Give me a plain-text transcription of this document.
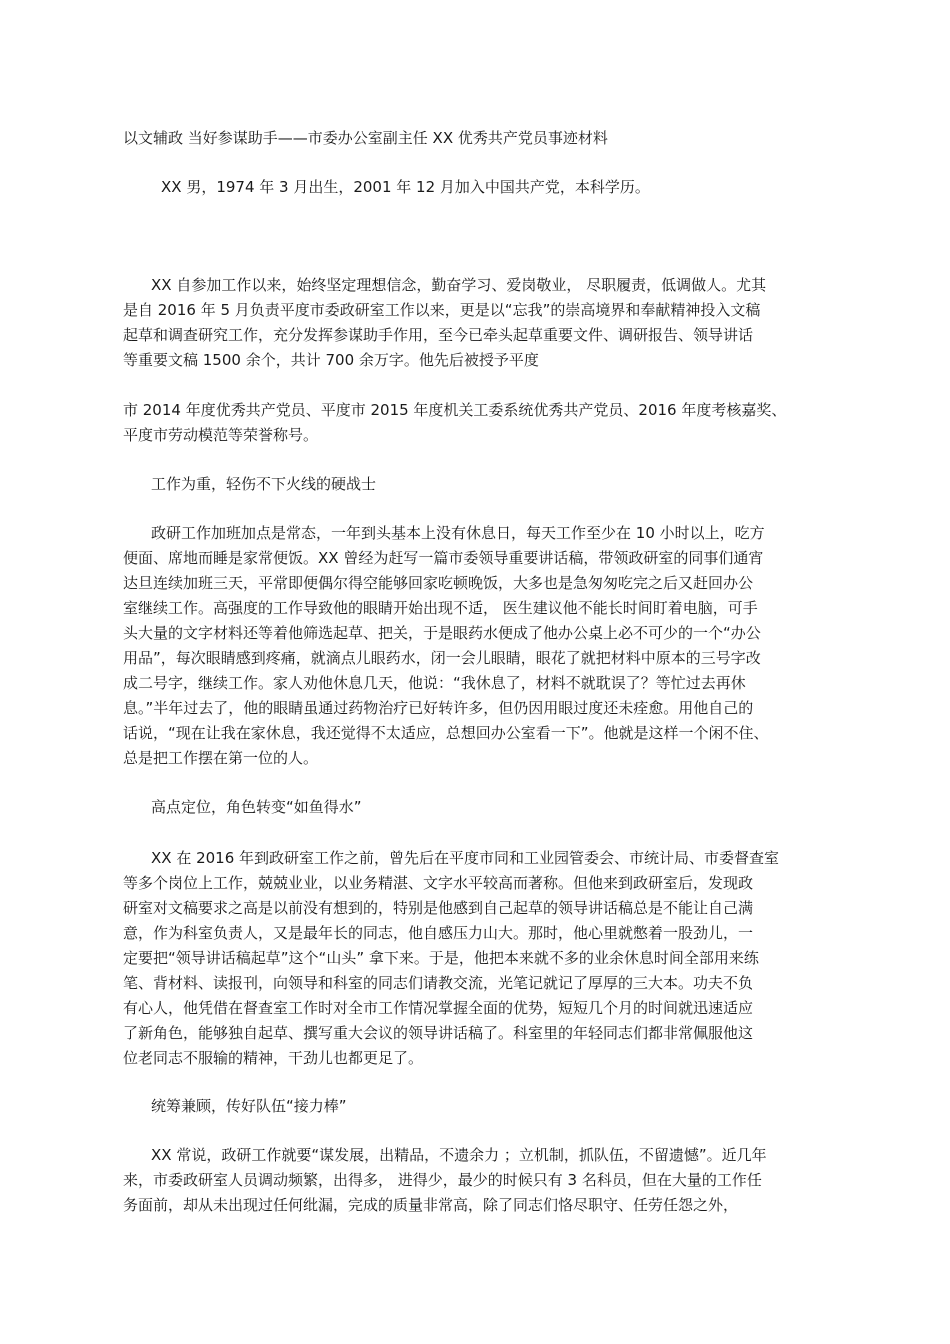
以文辅政 当好参谋助手——市委办公室副主任 XX 优秀共产党员事迹材料

XX 男，1974 年 3 月出生，2001 年 12 月加入中国共产党，本科学历。

XX 自参加工作以来，始终坚定理想信念，勤奋学习、爱岗敬业， 尽职履责，低调做人。尤其
是自 2016 年 5 月负责平度市委政研室工作以来，更是以“忘我”的崇高境界和奉献精神投入文稿
起草和调查研究工作，充分发挥参谋助手作用，至今已牵头起草重要文件、调研报告、领导讲话
等重要文稿 1500 余个，共计 700 余万字。他先后被授予平度

市 2014 年度优秀共产党员、平度市 2015 年度机关工委系统优秀共产党员、2016 年度考核嘉奖、
平度市劳动模范等荣誉称号。

工作为重，轻伤不下火线的硬战士

政研工作加班加点是常态，一年到头基本上没有休息日，每天工作至少在 10 小时以上，吃方
便面、席地而睡是家常便饭。XX 曾经为赶写一篇市委领导重要讲话稿，带领政研室的同事们通宵
达旦连续加班三天，平常即便偶尔得空能够回家吃顿晚饭，大多也是急匆匆吃完之后又赶回办公
室继续工作。高强度的工作导致他的眼睛开始出现不适， 医生建议他不能长时间盯着电脑，可手
头大量的文字材料还等着他筛选起草、把关，于是眼药水便成了他办公桌上必不可少的一个“办公
用品”，每次眼睛感到疼痛，就滴点儿眼药水，闭一会儿眼睛，眼花了就把材料中原本的三号字改
成二号字，继续工作。家人劝他休息几天，他说：“我休息了，材料不就耽误了？等忙过去再休
息。”半年过去了，他的眼睛虽通过药物治疗已好转许多，但仍因用眼过度还未痊愈。用他自己的
话说，“现在让我在家休息，我还觉得不太适应，总想回办公室看一下”。他就是这样一个闲不住、
总是把工作摆在第一位的人。

高点定位，角色转变“如鱼得水”

XX 在 2016 年到政研室工作之前，曾先后在平度市同和工业园管委会、市统计局、市委督查室
等多个岗位上工作，兢兢业业，以业务精湛、文字水平较高而著称。但他来到政研室后，发现政
研室对文稿要求之高是以前没有想到的，特别是他感到自己起草的领导讲话稿总是不能让自己满
意，作为科室负责人，又是最年长的同志，他自感压力山大。那时，他心里就憋着一股劲儿，一
定要把“领导讲话稿起草”这个“山头” 拿下来。于是，他把本来就不多的业余休息时间全部用来练
笔、背材料、读报刊，向领导和科室的同志们请教交流，光笔记就记了厚厚的三大本。功夫不负
有心人，他凭借在督查室工作时对全市工作情况掌握全面的优势，短短几个月的时间就迅速适应
了新角色，能够独自起草、撰写重大会议的领导讲话稿了。科室里的年轻同志们都非常佩服他这
位老同志不服输的精神，干劲儿也都更足了。

统筹兼顾，传好队伍“接力棒”

XX 常说，政研工作就要“谋发展，出精品，不遗余力 ；立机制，抓队伍，不留遗憾”。近几年
来，市委政研室人员调动频繁，出得多， 进得少，最少的时候只有 3 名科员，但在大量的工作任
务面前，却从未出现过任何纰漏，完成的质量非常高，除了同志们恪尽职守、任劳任怨之外，
